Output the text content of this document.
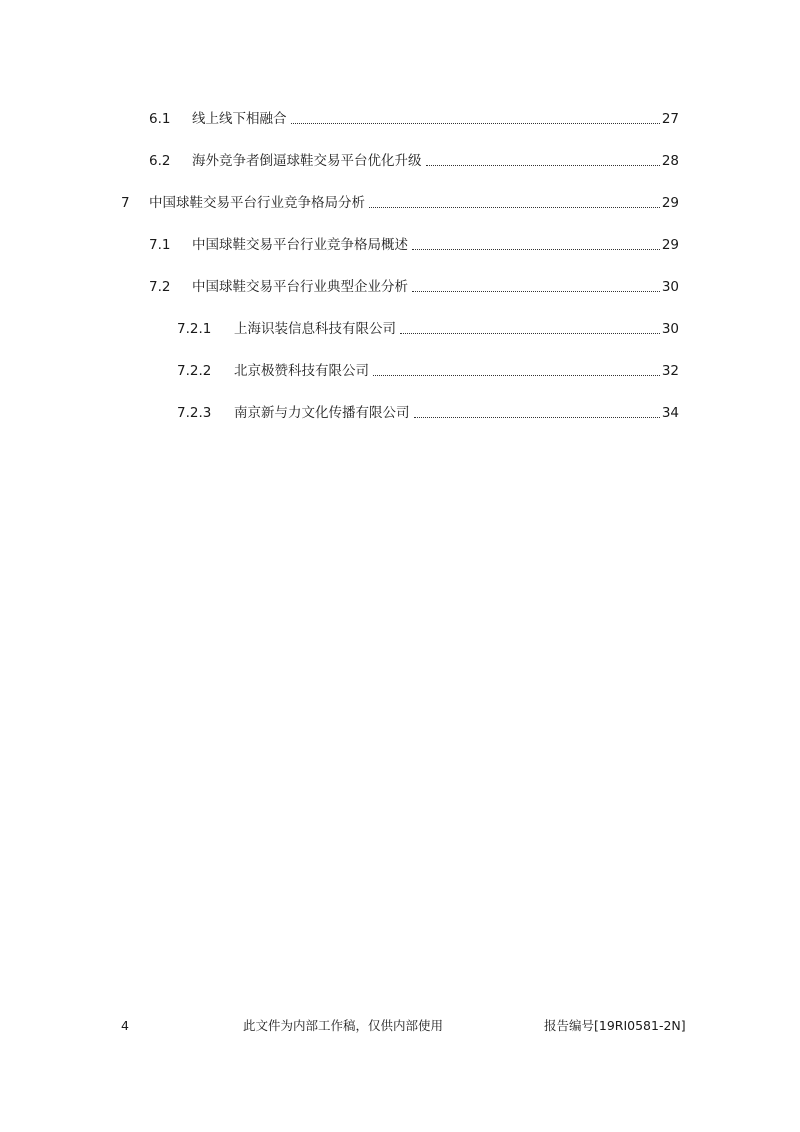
6.1	线上线下相融合	27
6.2	海外竞争者倒逼球鞋交易平台优化升级	28
7	中国球鞋交易平台行业竞争格局分析	29
7.1	中国球鞋交易平台行业竞争格局概述	29
7.2	中国球鞋交易平台行业典型企业分析	30
7.2.1	上海识装信息科技有限公司	30
7.2.2	北京极赞科技有限公司	32
7.2.3	南京新与力文化传播有限公司	34
4	此文件为内部工作稿，仅供内部使用	报告编号[19RI0581-2N]
